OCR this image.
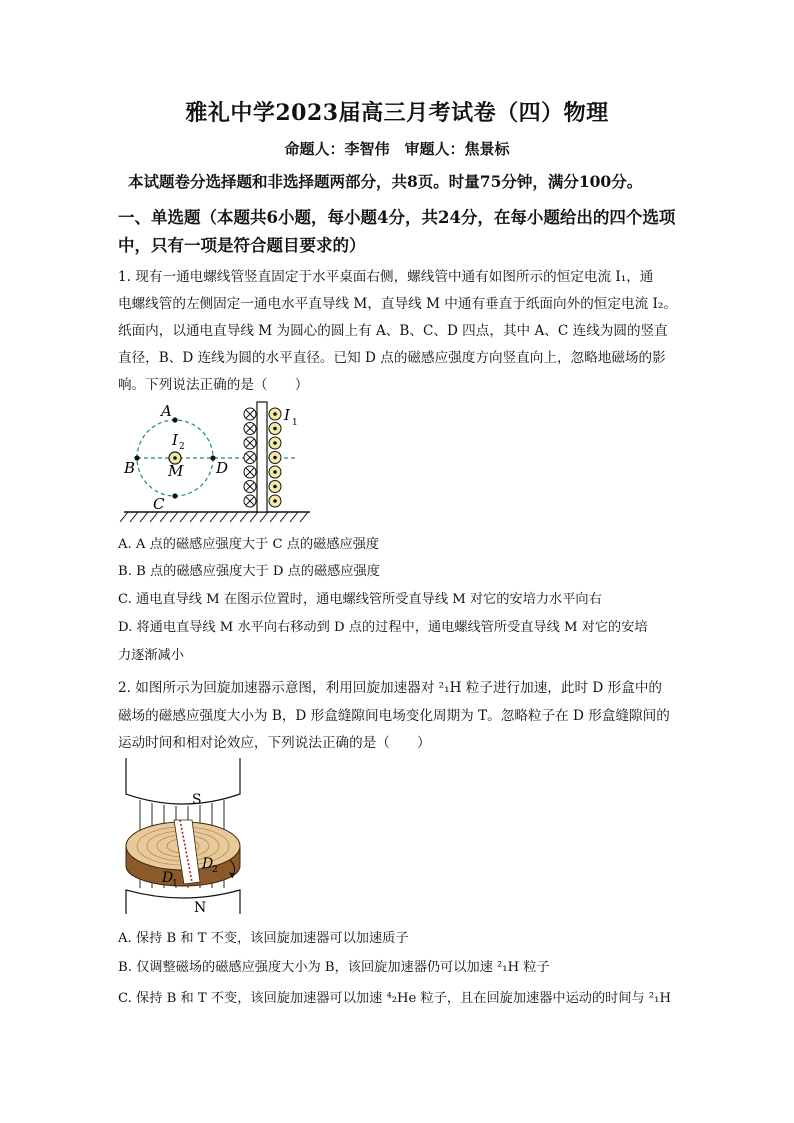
雅礼中学2023届高三月考试卷（四）物理
命题人：李智伟　审题人：焦景标
本试题卷分选择题和非选择题两部分，共8页。时量75分钟，满分100分。
一、单选题（本题共6小题，每小题4分，共24分，在每小题给出的四个选项
中，只有一项是符合题目要求的）
1. 现有一通电螺线管竖直固定于水平桌面右侧，螺线管中通有如图所示的恒定电流 I₁，通
电螺线管的左侧固定一通电水平直导线 M，直导线 M 中通有垂直于纸面向外的恒定电流 I₂。
纸面内，以通电直导线 M 为圆心的圆上有 A、B、C、D 四点，其中 A、C 连线为圆的竖直
直径，B、D 连线为圆的水平直径。已知 D 点的磁感应强度方向竖直向上，忽略地磁场的影
响。下列说法正确的是（　　）
A
B
C
D
M
I 2
I 1
A. A 点的磁感应强度大于 C 点的磁感应强度
B. B 点的磁感应强度大于 D 点的磁感应强度
C. 通电直导线 M 在图示位置时，通电螺线管所受直导线 M 对它的安培力水平向右
D. 将通电直导线 M 水平向右移动到 D 点的过程中，通电螺线管所受直导线 M 对它的安培
力逐渐减小
2. 如图所示为回旋加速器示意图，利用回旋加速器对 ²₁H 粒子进行加速，此时 D 形盒中的
磁场的磁感应强度大小为 B，D 形盒缝隙间电场变化周期为 T。忽略粒子在 D 形盒缝隙间的
运动时间和相对论效应，下列说法正确的是（　　）
S
N
D
1
D
2
A. 保持 B 和 T 不变，该回旋加速器可以加速质子
B. 仅调整磁场的磁感应强度大小为 B，该回旋加速器仍可以加速 ²₁H 粒子
C. 保持 B 和 T 不变，该回旋加速器可以加速 ⁴₂He 粒子，且在回旋加速器中运动的时间与 ²₁H
